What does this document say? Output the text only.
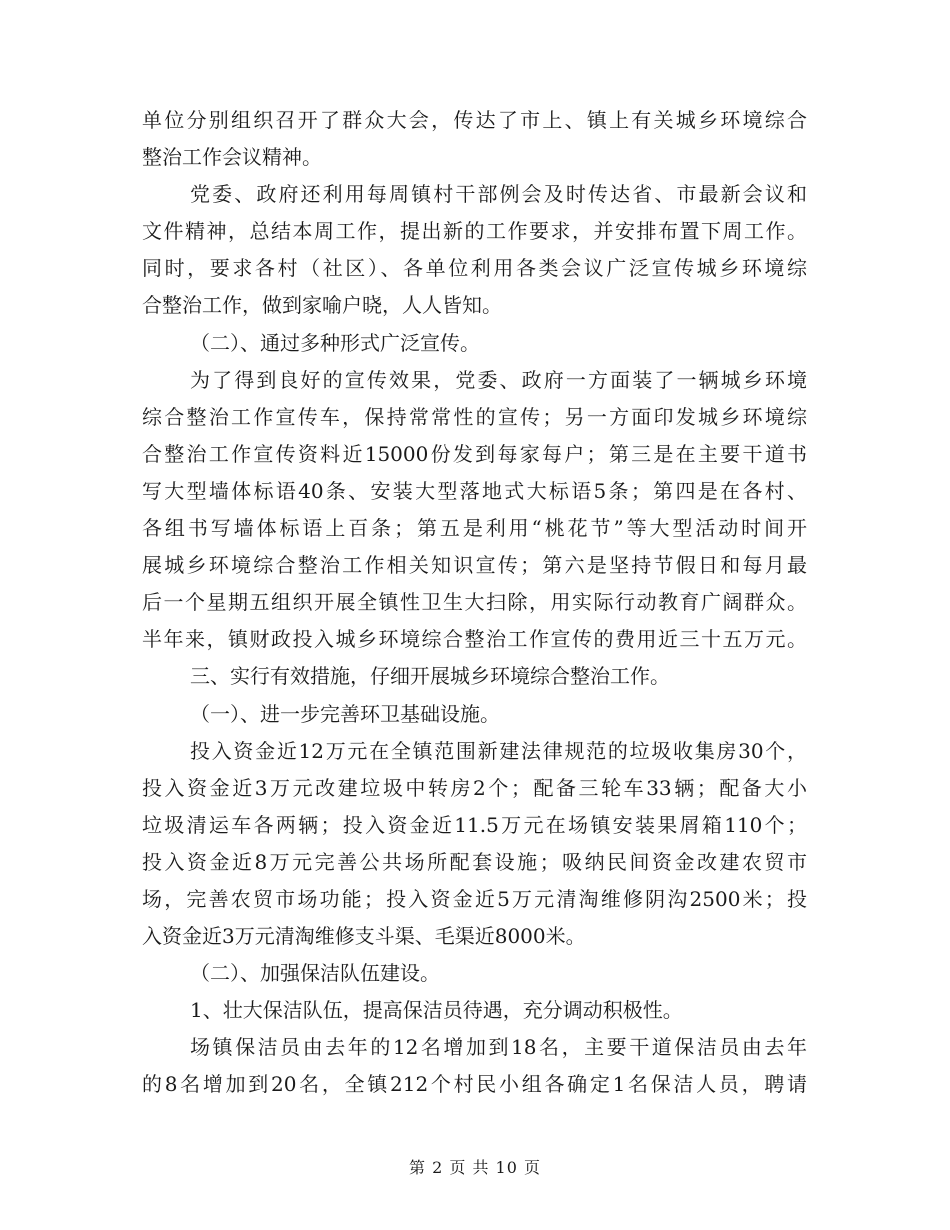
单位分别组织召开了群众大会，传达了市上、镇上有关城乡环境综合
整治工作会议精神。
党委、政府还利用每周镇村干部例会及时传达省、市最新会议和
文件精神，总结本周工作，提出新的工作要求，并安排布置下周工作。
同时，要求各村（社区）、各单位利用各类会议广泛宣传城乡环境综
合整治工作，做到家喻户晓，人人皆知。
（二）、通过多种形式广泛宣传。
为了得到良好的宣传效果，党委、政府一方面装了一辆城乡环境
综合整治工作宣传车，保持常常性的宣传；另一方面印发城乡环境综
合整治工作宣传资料近15000份发到每家每户；第三是在主要干道书
写大型墙体标语40条、安装大型落地式大标语5条；第四是在各村、
各组书写墙体标语上百条；第五是利用“桃花节”等大型活动时间开
展城乡环境综合整治工作相关知识宣传；第六是坚持节假日和每月最
后一个星期五组织开展全镇性卫生大扫除，用实际行动教育广阔群众。
半年来，镇财政投入城乡环境综合整治工作宣传的费用近三十五万元。
三、实行有效措施，仔细开展城乡环境综合整治工作。
（一）、进一步完善环卫基础设施。
投入资金近12万元在全镇范围新建法律规范的垃圾收集房30个，
投入资金近3万元改建垃圾中转房2个；配备三轮车33辆；配备大小
垃圾清运车各两辆；投入资金近11.5万元在场镇安装果屑箱110个；
投入资金近8万元完善公共场所配套设施；吸纳民间资金改建农贸市
场，完善农贸市场功能；投入资金近5万元清淘维修阴沟2500米；投
入资金近3万元清淘维修支斗渠、毛渠近8000米。
（二）、加强保洁队伍建设。
1、壮大保洁队伍，提高保洁员待遇，充分调动积极性。
场镇保洁员由去年的12名增加到18名，主要干道保洁员由去年
的8名增加到20名，全镇212个村民小组各确定1名保洁人员，聘请
第 2 页 共 10 页
